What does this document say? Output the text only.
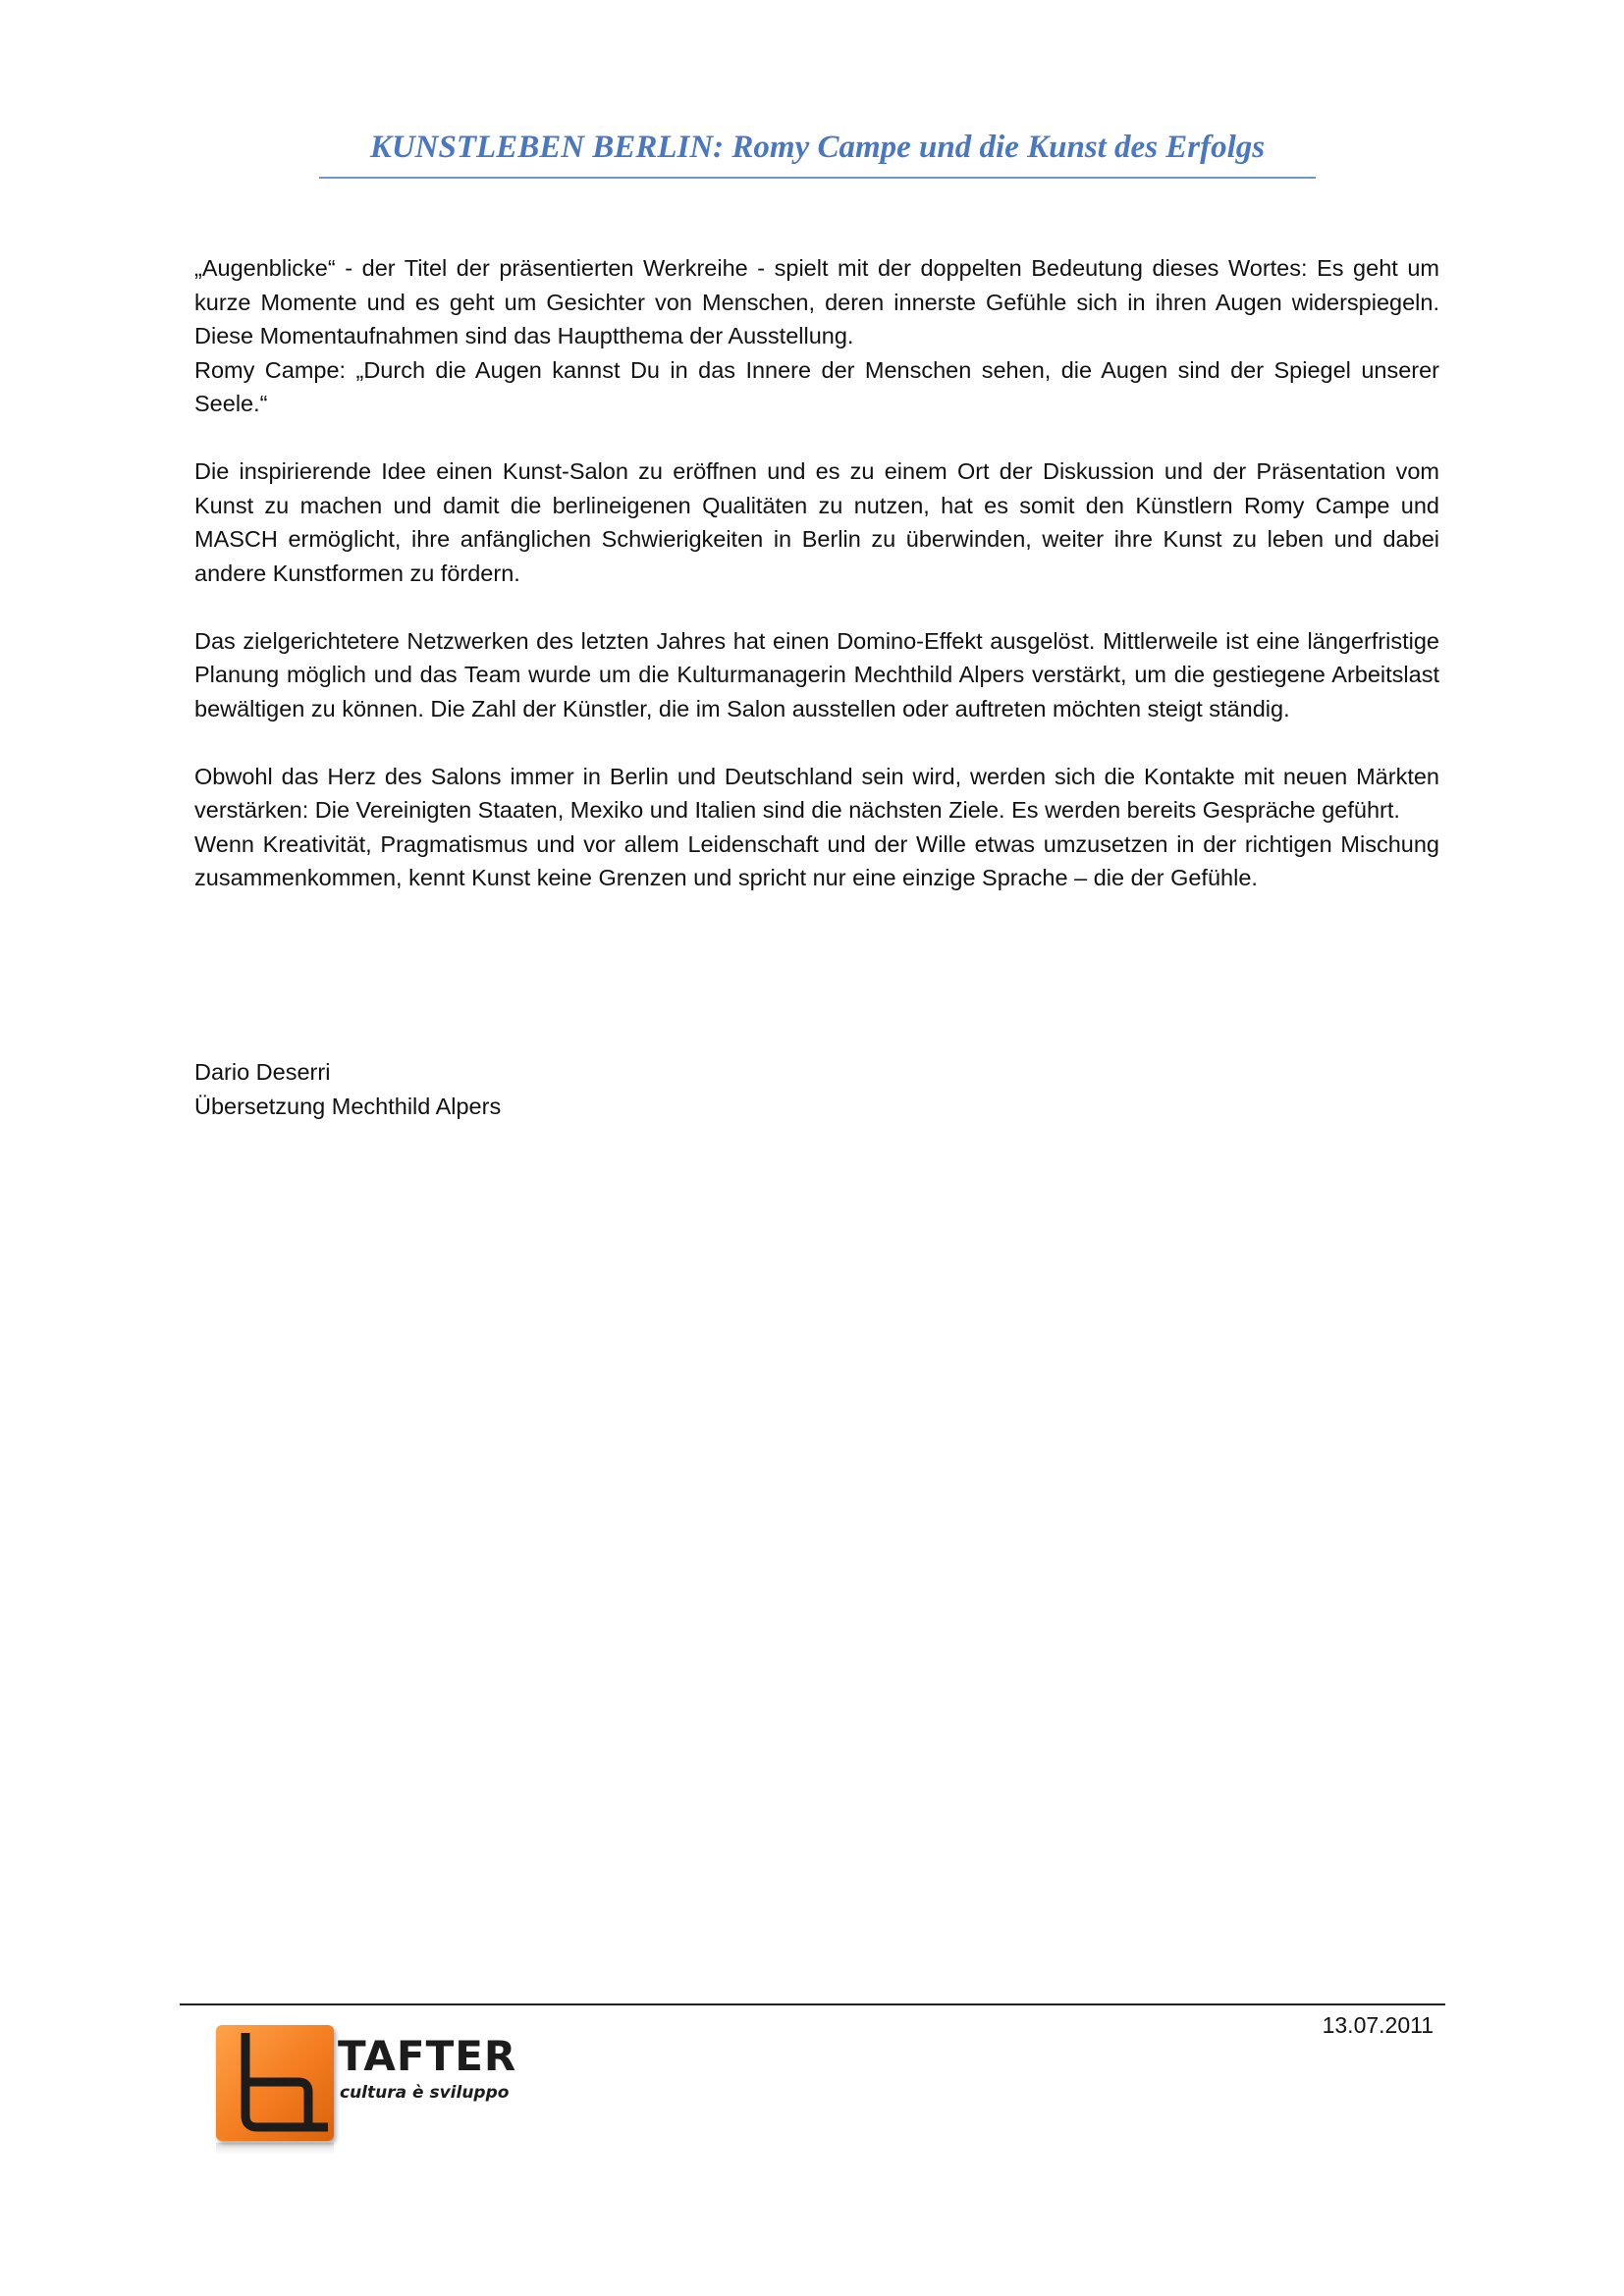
KUNSTLEBEN BERLIN: Romy Campe und die Kunst des Erfolgs

„Augenblicke“ - der Titel der präsentierten Werkreihe - spielt mit der doppelten Bedeutung dieses Wortes: Es geht um kurze Momente und es geht um Gesichter von Menschen, deren innerste Gefühle sich in ihren Augen widerspiegeln. Diese Momentaufnahmen sind das Hauptthema der Ausstellung.

Romy Campe: „Durch die Augen kannst Du in das Innere der Menschen sehen, die Augen sind der Spiegel unserer Seele.“

Die inspirierende Idee einen Kunst-Salon zu eröffnen und es zu einem Ort der Diskussion und der Präsentation vom Kunst zu machen und damit die berlineigenen Qualitäten zu nutzen, hat es somit den Künstlern Romy Campe und MASCH ermöglicht, ihre anfänglichen Schwierigkeiten in Berlin zu überwinden, weiter ihre Kunst zu leben und dabei andere Kunstformen zu fördern.

Das zielgerichtetere Netzwerken des letzten Jahres hat einen Domino-Effekt ausgelöst. Mittlerweile ist eine längerfristige Planung möglich und das Team wurde um die Kulturmanagerin Mechthild Alpers verstärkt, um die gestiegene Arbeitslast bewältigen zu können. Die Zahl der Künstler, die im Salon ausstellen oder auftreten möchten steigt ständig.

Obwohl das Herz des Salons immer in Berlin und Deutschland sein wird, werden sich die Kontakte mit neuen Märkten verstärken: Die Vereinigten Staaten, Mexiko und Italien sind die nächsten Ziele. Es werden bereits Gespräche geführt.

Wenn Kreativität, Pragmatismus und vor allem Leidenschaft und der Wille etwas umzusetzen in der richtigen Mischung zusammenkommen, kennt Kunst keine Grenzen und spricht nur eine einzige Sprache – die der Gefühle.

Dario Deserri
Übersetzung Mechthild Alpers
13.07.2011
TAFTER
cultura è sviluppo
